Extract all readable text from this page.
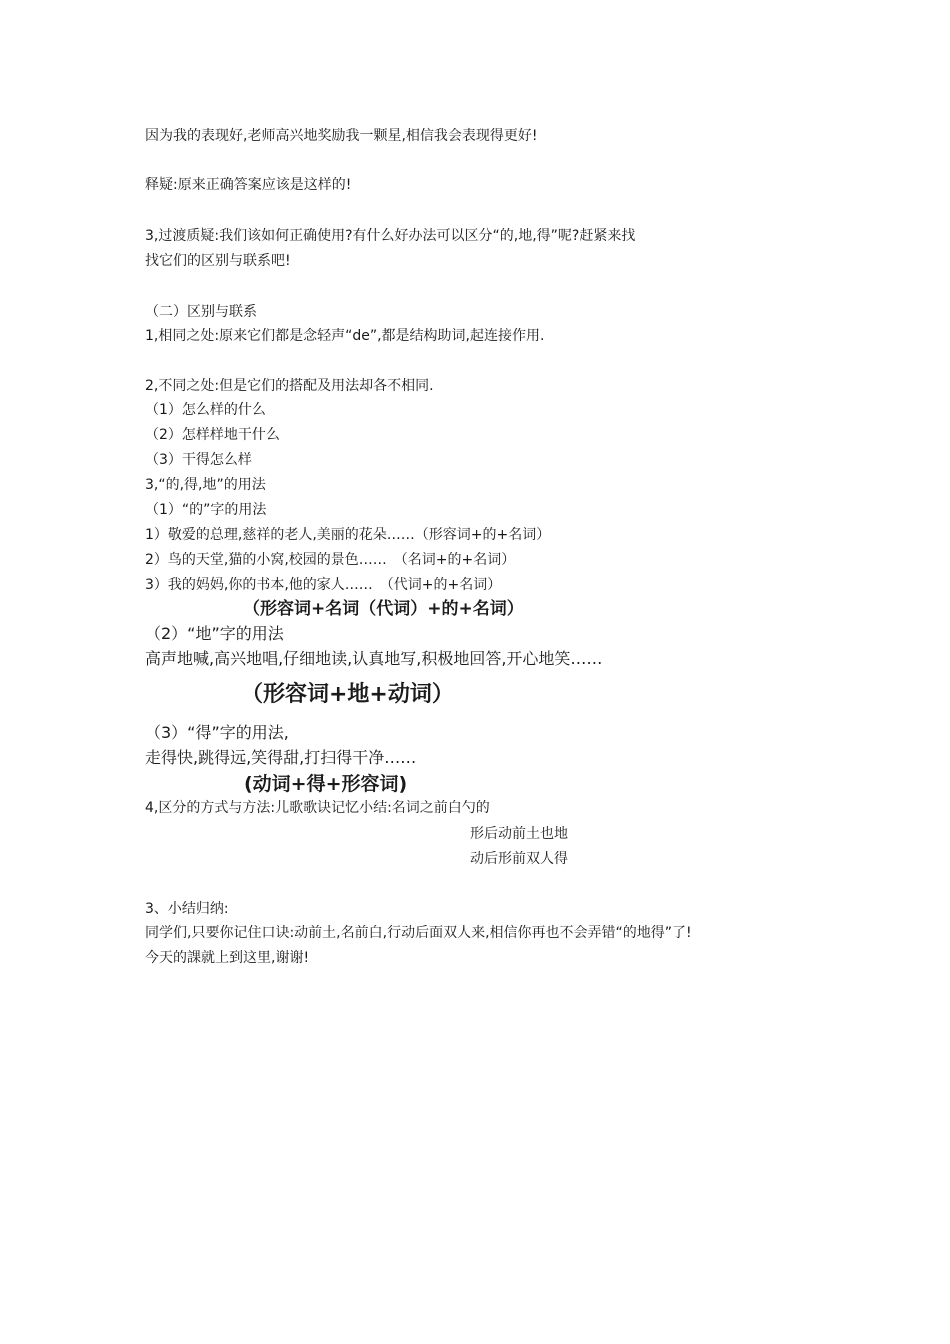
因为我的表现好,老师高兴地奖励我一颗星,相信我会表现得更好!
释疑:原来正确答案应该是这样的!
3,过渡质疑:我们该如何正确使用?有什么好办法可以区分“的,地,得”呢?赶紧来找
找它们的区别与联系吧!
（二）区别与联系
1,相同之处:原来它们都是念轻声“de”,都是结构助词,起连接作用.
2,不同之处:但是它们的搭配及用法却各不相同.
（1）怎么样的什么
（2）怎样样地干什么
（3）干得怎么样
3,“的,得,地”的用法
（1）“的”字的用法
1）敬爱的总理,慈祥的老人,美丽的花朵……（形容词+的+名词）
2）鸟的天堂,猫的小窝,校园的景色……　（名词+的+名词）
3）我的妈妈,你的书本,他的家人……　（代词+的+名词）
（形容词+名词（代词）+的+名词）
（2）“地”字的用法
高声地喊,高兴地唱,仔细地读,认真地写,积极地回答,开心地笑……
（形容词+地+动词）
（3）“得”字的用法,
走得快,跳得远,笑得甜,打扫得干净……
(动词+得+形容词)
4,区分的方式与方法:儿歌歌诀记忆小结:名词之前白勺的
形后动前土也地
动后形前双人得
3、小结归纳:
同学们,只要你记住口诀:动前土,名前白,行动后面双人来,相信你再也不会弄错“的地得”了!
今天的課就上到这里,谢谢!
